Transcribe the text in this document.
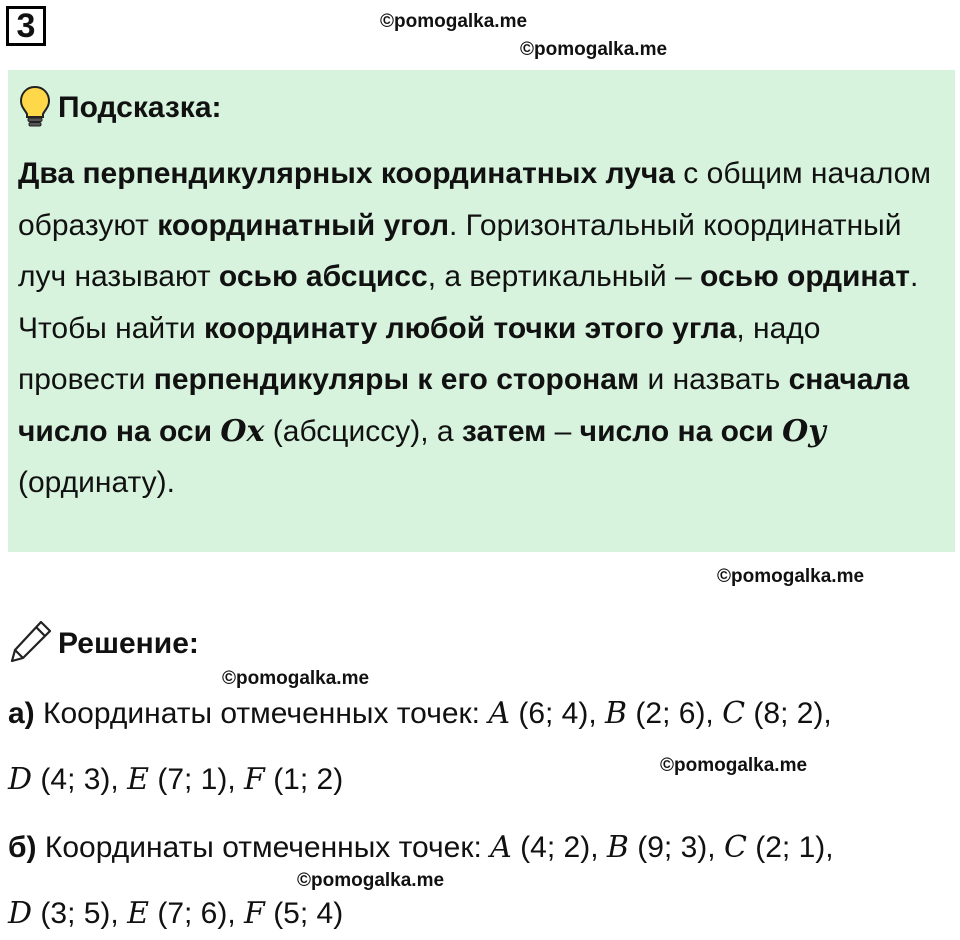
3	©pomogalka.me
©pomogalka.me
Подсказка:
Два перпендикулярных координатных луча с общим началом образуют координатный угол. Горизонтальный координатный луч называют осью абсцисс, а вертикальный – осью ординат.
Чтобы найти координату любой точки этого угла, надо провести перпендикуляры к его сторонам и назвать сначала число на оси Ox (абсциссу), а затем – число на оси Oy (ординату).
©pomogalka.me
Решение:
©pomogalka.me
а) Координаты отмеченных точек: A (6; 4), B (2; 6), C (8; 2),
©pomogalka.me
D (4; 3), E (7; 1), F (1; 2)
б) Координаты отмеченных точек: A (4; 2), B (9; 3), C (2; 1),
©pomogalka.me
D (3; 5), E (7; 6), F (5; 4)
